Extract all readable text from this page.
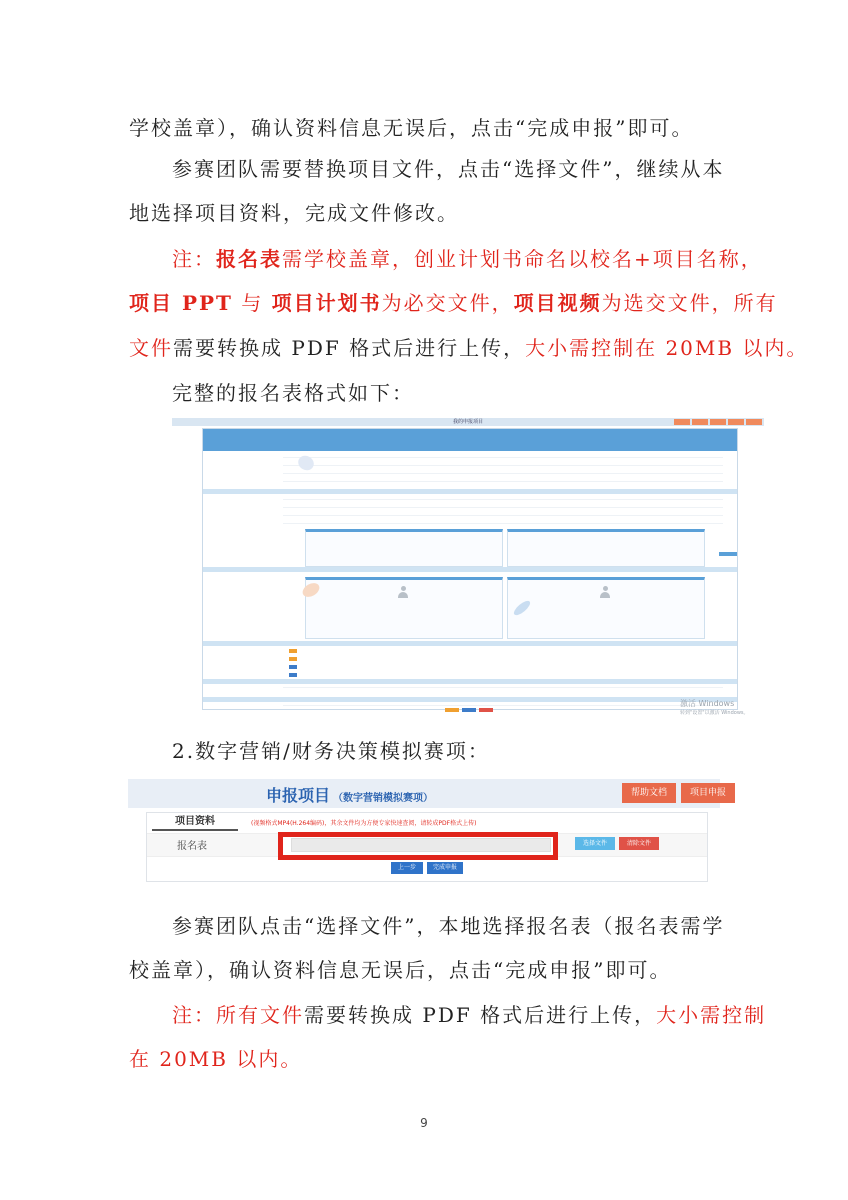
学校盖章），确认资料信息无误后，点击“完成申报”即可。
参赛团队需要替换项目文件，点击“选择文件”，继续从本
地选择项目资料，完成文件修改。
注：报名表需学校盖章，创业计划书命名以校名+项目名称，
项目 PPT 与 项目计划书为必交文件，项目视频为选交文件，所有
文件需要转换成 PDF 格式后进行上传，大小需控制在 20MB 以内。
完整的报名表格式如下：
我的申报项目
激活 Windows
转到"设置"以激活 Windows。
2.数字营销/财务决策模拟赛项：
申报项目 （数字营销模拟赛项）	帮助文档	项目申报
项目资料	(视频格式MP4(H.264编码)，其余文件均为方便专家快速查阅，请转成PDF格式上传)
报名表	选择文件	清除文件
上一步	完成申报
参赛团队点击“选择文件”，本地选择报名表（报名表需学
校盖章），确认资料信息无误后，点击“完成申报”即可。
注：所有文件需要转换成 PDF 格式后进行上传，大小需控制
在 20MB 以内。
9
